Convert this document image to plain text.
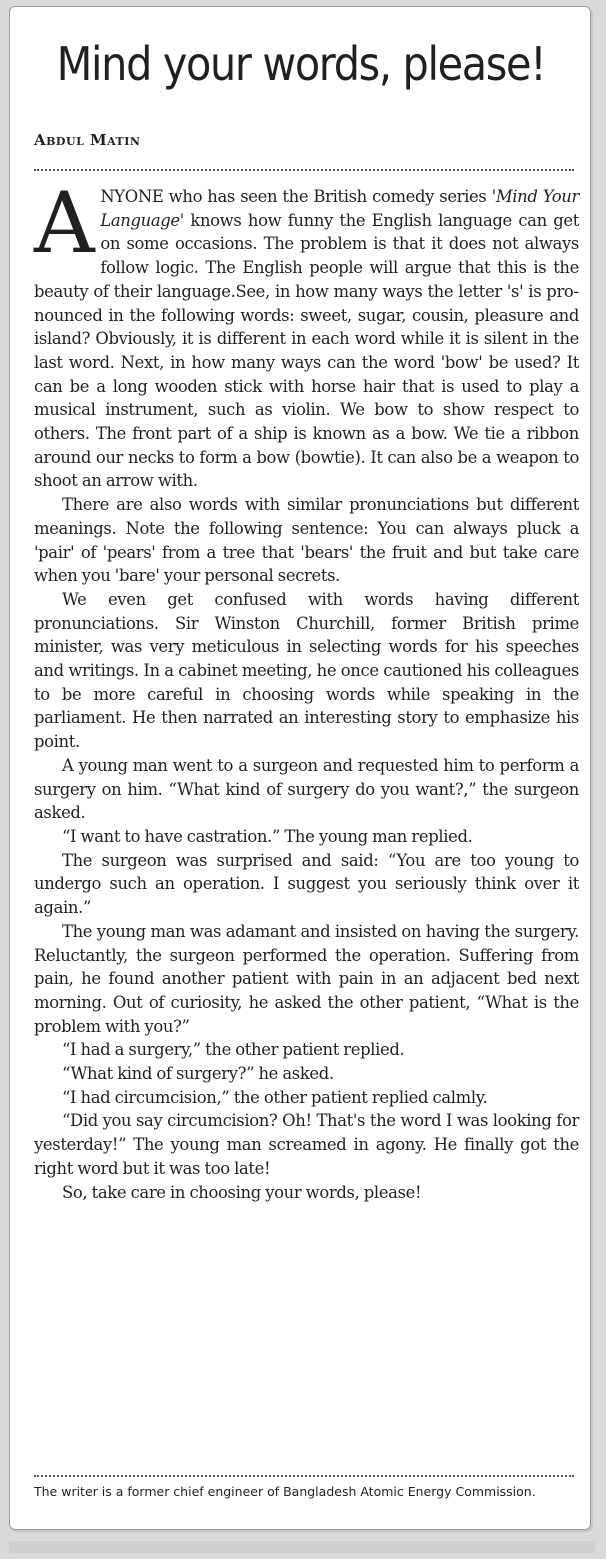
Mind your words, please!

Abdul Matin

ANYONE who has seen the British comedy series 'Mind Your Language' knows how funny the English language can get on some occasions. The problem is that it does not always follow logic. The English people will argue that this is the beauty of their language.See, in how many ways the letter 's' is pronounced in the following words: sweet, sugar, cousin, pleasure and island? Obviously, it is different in each word while it is silent in the last word. Next, in how many ways can the word 'bow' be used? It can be a long wooden stick with horse hair that is used to play a musical instrument, such as violin. We bow to show respect to others. The front part of a ship is known as a bow. We tie a ribbon around our necks to form a bow (bowtie). It can also be a weapon to shoot an arrow with.

There are also words with similar pronunciations but different meanings. Note the following sentence: You can always pluck a 'pair' of 'pears' from a tree that 'bears' the fruit and but take care when you 'bare' your personal secrets.

We even get confused with words having different pronunciations. Sir Winston Churchill, former British prime minister, was very meticulous in selecting words for his speeches and writings. In a cabinet meeting, he once cautioned his colleagues to be more careful in choosing words while speaking in the parliament. He then narrated an interesting story to emphasize his point.

A young man went to a surgeon and requested him to perform a surgery on him. “What kind of surgery do you want?,” the surgeon asked.

“I want to have castration.” The young man replied.

The surgeon was surprised and said: “You are too young to undergo such an operation. I suggest you seriously think over it again.”

The young man was adamant and insisted on having the surgery. Reluctantly, the surgeon performed the operation. Suffering from pain, he found another patient with pain in an adjacent bed next morning. Out of curiosity, he asked the other patient, “What is the problem with you?”

“I had a surgery,” the other patient replied.

“What kind of surgery?” he asked.

“I had circumcision,” the other patient replied calmly.

“Did you say circumcision? Oh! That's the word I was looking for yesterday!” The young man screamed in agony. He finally got the right word but it was too late!

So, take care in choosing your words, please!

The writer is a former chief engineer of Bangladesh Atomic Energy Commission.
